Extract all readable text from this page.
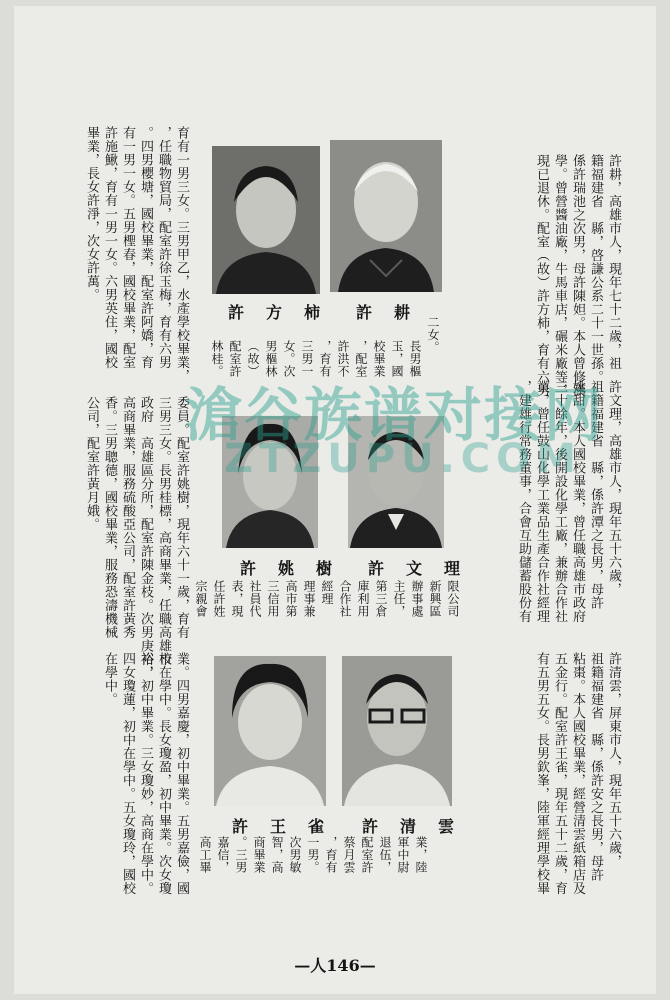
許耕，高雄市人，現年七十二歲，祖
籍福建省　縣，啓謙公系二十一世孫。
係許瑞池之次男，母許陳妲。本人曾修漢
學。曾營醬油廠，牛馬車店，碾米廠等，
現已退休。配室（故）許方柿，育有六男
許耕
許方柿
二女。
長男樞
玉，國
校畢業
，配室
許洪不
，育有
三男一
女。次
男樞林
（故）
配室許
林桂。
育有一男三女。三男甲乙，水產學校畢業，
，任職物貿局，配室許徐玉梅，育有六男
。四男櫻塘，國校畢業，配室許阿嬌，育
有一男一女。五男檉春，國校畢業，配室
許施鰍，育有一男一女。六男英住，國校
畢業，長女許淨，次女許萬。
許文理，高雄市人，現年五十六歲，
祖籍福建省　縣，係許潭之長男，母許
姚甜。本人國校畢業，曾任職高雄市政府
三十餘年，後開設化學工廠，兼辦合作社
業，曾任鼓山化學工業品生產合作社經理
，建雄行常務董事，合會互助儲蓄股份有
許文理
許姚樹
限公司
新興區
辦事處
主任，
第三倉
庫利用
合作社
經理
理事兼
高市第
三信用
社員代
表，現
任許姓
宗親會
委員。配室許姚樹，現年六十一歲，育有
三男三女。長男桂標，高商畢業，任職高雄市
政府　高雄區分所，配室許陳金枝。次男庚裕，
高商畢業，服務硫酸亞公司，配室許黃秀
香。三男聰德，國校畢業，服務恐濤機械
公司，配室許黃月娥。
許清雲，屏東市人，現年五十六歲，
祖籍福建省　縣，係許安之長男，母許
粘棗。本人國校畢業，經營清雲紙箱店及
五金行。配室許王雀，現年五十二歲，育
有五男五女。長男欽峯，陸軍經理學校畢
許清雲
許王雀
業，陸
軍中尉
退伍，
配室許
蔡月雲
，育有
一男。
次男敏
智，高
商畢業
。三男
嘉信，
高工畢
業。四男嘉慶，初中畢業。五男嘉儉，國
校在學中。長女瓊盈，初中畢業。次女瓊
裕，初中畢業。三女瓊妙，高商在學中。
四女瓊蓮，初中在學中。五女瓊玲，國校
在學中。
滄谷族谱对接网
ZTZUPU.COM
—人146—
